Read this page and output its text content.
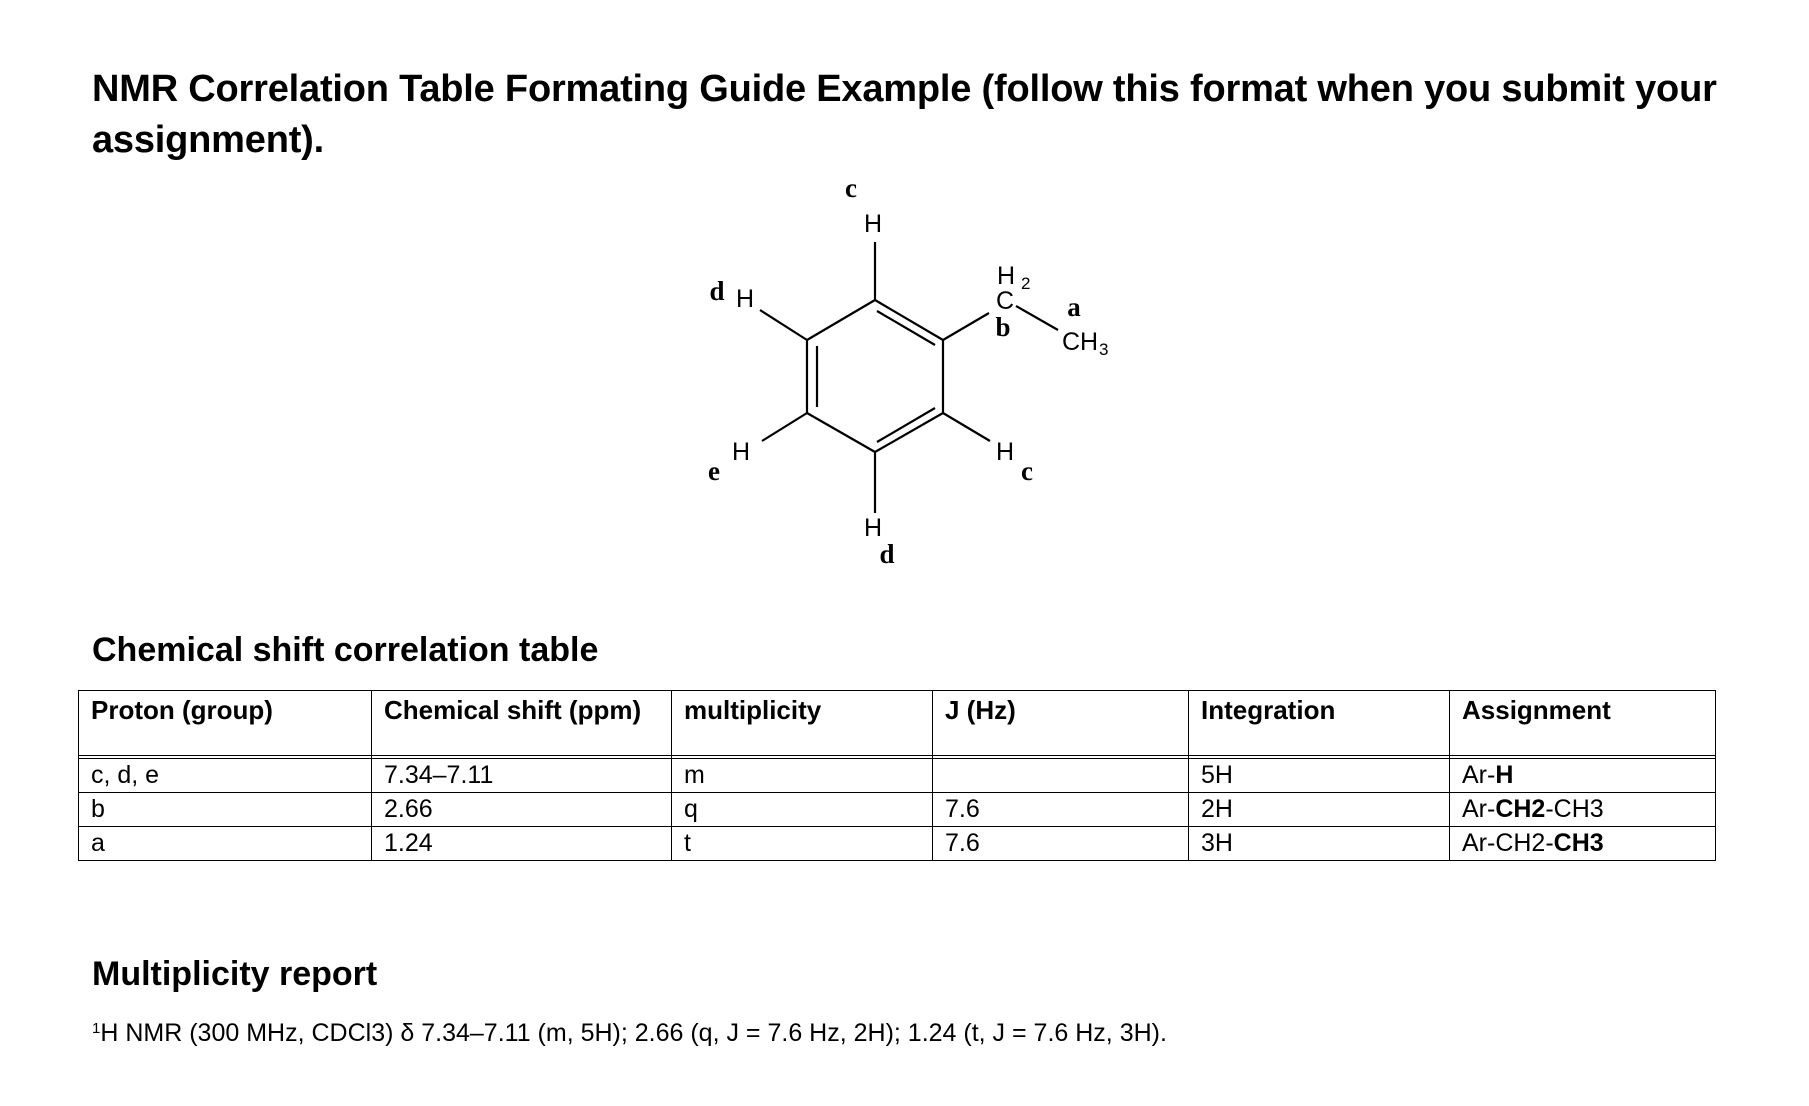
NMR Correlation Table Formating Guide Example (follow this format when you submit your assignment).
H
H
H
H
H
H 2
C
CH 3
c
d
e
d
c
b
a
Chemical shift correlation table
Proton (group)	Chemical shift (ppm)	multiplicity	J (Hz)	Integration	Assignment

c, d, e	7.34–7.11	m		5H	Ar-H
b	2.66	q	7.6	2H	Ar-CH2-CH3
a	1.24	t	7.6	3H	Ar-CH2-CH3
Multiplicity report

$^1$H NMR (300 MHz, CDCl3) δ 7.34–7.11 (m, 5H); 2.66 (q, J = 7.6 Hz, 2H); 1.24 (t, J = 7.6 Hz, 3H).
